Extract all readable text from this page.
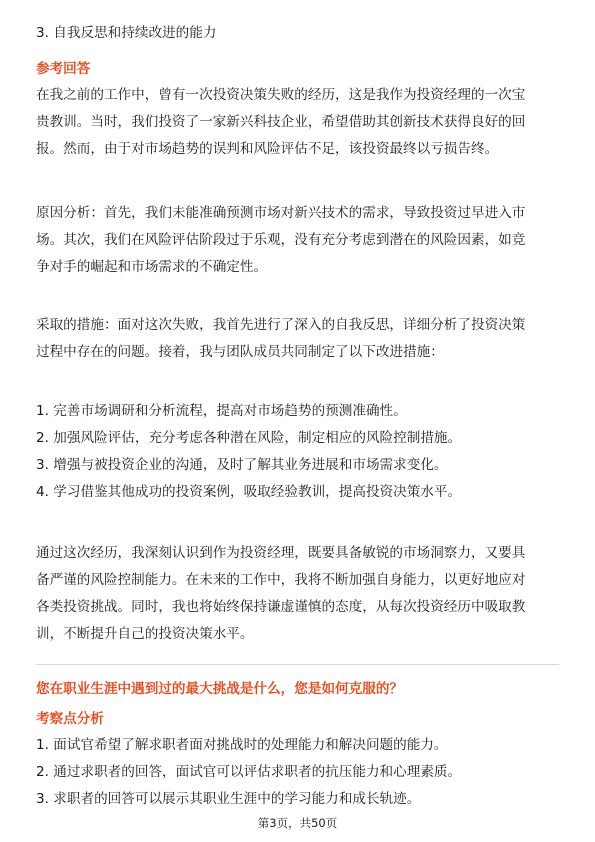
3. 自我反思和持续改进的能力
参考回答
在我之前的工作中，曾有一次投资决策失败的经历，这是我作为投资经理的一次宝
贵教训。当时，我们投资了一家新兴科技企业，希望借助其创新技术获得良好的回
报。然而，由于对市场趋势的误判和风险评估不足，该投资最终以亏损告终。
原因分析：首先，我们未能准确预测市场对新兴技术的需求，导致投资过早进入市
场。其次，我们在风险评估阶段过于乐观，没有充分考虑到潜在的风险因素，如竞
争对手的崛起和市场需求的不确定性。
采取的措施：面对这次失败，我首先进行了深入的自我反思，详细分析了投资决策
过程中存在的问题。接着，我与团队成员共同制定了以下改进措施：
1. 完善市场调研和分析流程，提高对市场趋势的预测准确性。
2. 加强风险评估，充分考虑各种潜在风险，制定相应的风险控制措施。
3. 增强与被投资企业的沟通，及时了解其业务进展和市场需求变化。
4. 学习借鉴其他成功的投资案例，吸取经验教训，提高投资决策水平。
通过这次经历，我深刻认识到作为投资经理，既要具备敏锐的市场洞察力，又要具
备严谨的风险控制能力。在未来的工作中，我将不断加强自身能力，以更好地应对
各类投资挑战。同时，我也将始终保持谦虚谨慎的态度，从每次投资经历中吸取教
训，不断提升自己的投资决策水平。
您在职业生涯中遇到过的最大挑战是什么，您是如何克服的？
考察点分析
1. 面试官希望了解求职者面对挑战时的处理能力和解决问题的能力。
2. 通过求职者的回答，面试官可以评估求职者的抗压能力和心理素质。
3. 求职者的回答可以展示其职业生涯中的学习能力和成长轨迹。
第3页，共50页
